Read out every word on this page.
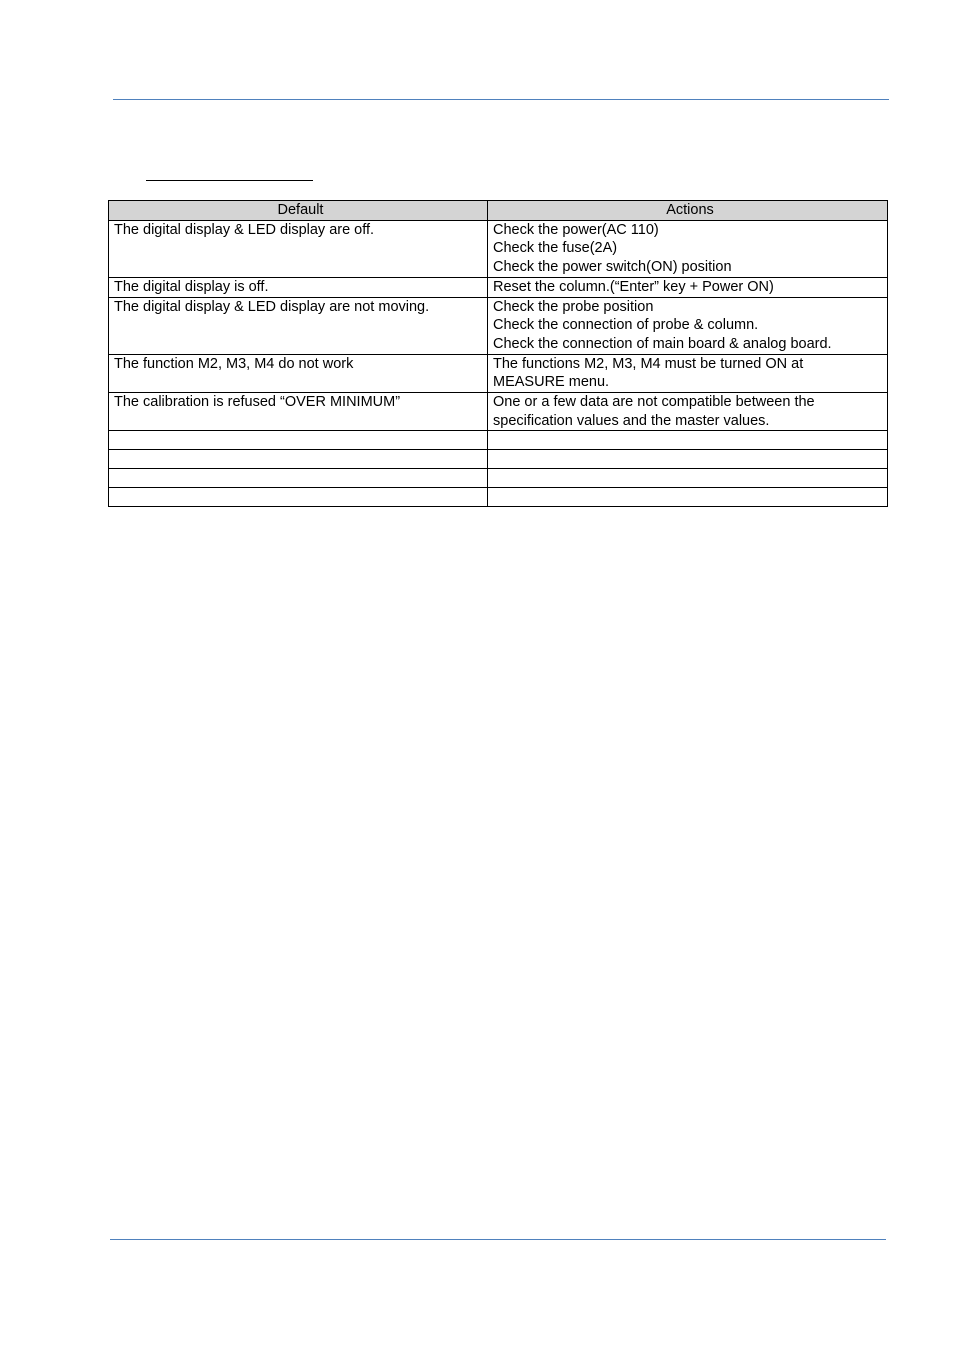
Default	Actions

The digital display & LED display are off.	Check the power(AC 110)
Check the fuse(2A)
Check the power switch(ON) position

The digital display is off.	Reset the column.(“Enter” key + Power ON)

The digital display & LED display are not moving.	Check the probe position
Check the connection of probe & column.
Check the connection of main board & analog board.

The function M2, M3, M4 do not work	The functions M2, M3, M4 must be turned ON at
MEASURE menu.

The calibration is refused “OVER MINIMUM”	One or a few data are not compatible between the
specification values and the master values.
